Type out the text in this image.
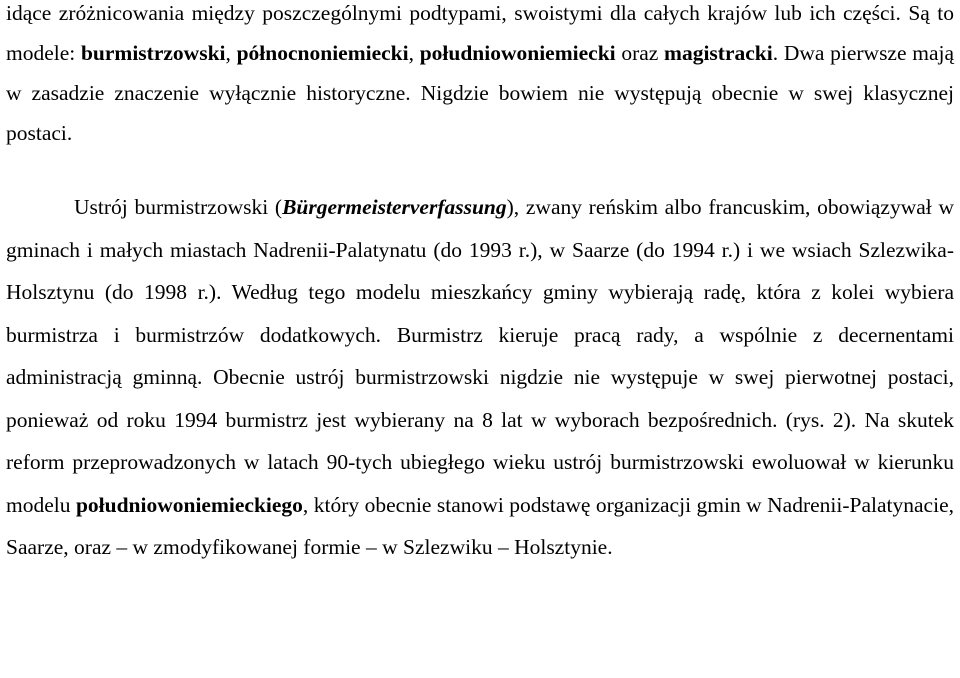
idące zróżnicowania między poszczególnymi podtypami, swoistymi dla całych krajów lub ich części. Są to modele: burmistrzowski, północnoniemiecki, południowoniemiecki oraz magistracki. Dwa pierwsze mają w zasadzie znaczenie wyłącznie historyczne. Nigdzie bowiem nie występują obecnie w swej klasycznej postaci.

Ustrój burmistrzowski (Bürgermeisterverfassung), zwany reńskim albo francuskim, obowiązywał w gminach i małych miastach Nadrenii-Palatynatu (do 1993 r.), w Saarze (do 1994 r.) i we wsiach Szlezwika-Holsztynu (do 1998 r.). Według tego modelu mieszkańcy gminy wybierają radę, która z kolei wybiera burmistrza i burmistrzów dodatkowych. Burmistrz kieruje pracą rady, a wspólnie z decernentami administracją gminną. Obecnie ustrój burmistrzowski nigdzie nie występuje w swej pierwotnej postaci, ponieważ od roku 1994 burmistrz jest wybierany na 8 lat w wyborach bezpośrednich. (rys. 2). Na skutek reform przeprowadzonych w latach 90-tych ubiegłego wieku ustrój burmistrzowski ewoluował w kierunku modelu południowoniemieckiego, który obecnie stanowi podstawę organizacji gmin w Nadrenii-Palatynacie, Saarze, oraz – w zmodyfikowanej formie – w Szlezwiku – Holsztynie.
